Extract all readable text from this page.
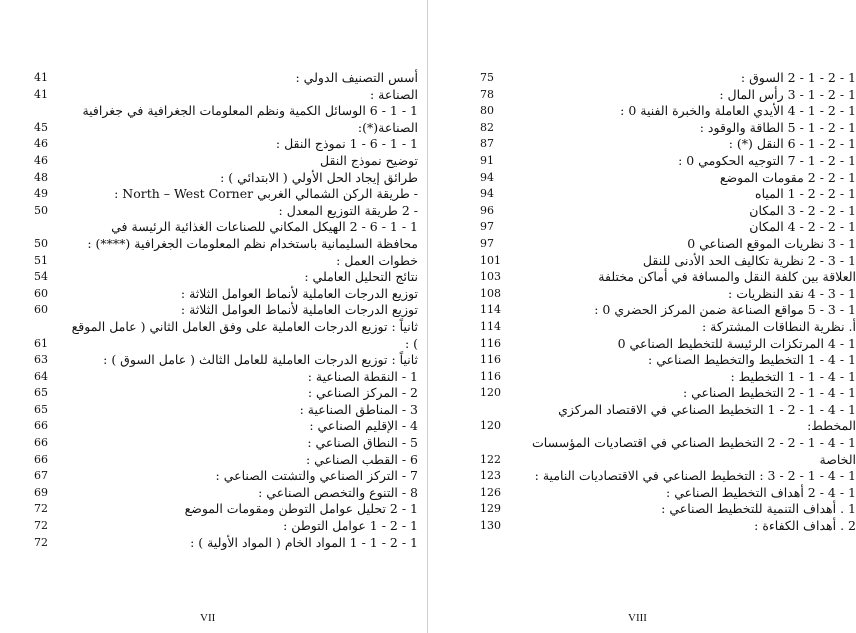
أسس التصنيف الدولي :
41
الصناعة :
41
1 - 1 - 6 الوسائل الكمية ونظم المعلومات الجغرافية في جغرافية الصناعة(*):
45
1 - 1 - 6 - 1 نموذج النقل :
46
توضيح نموذج النقل
46
طرائق إيجاد الحل الأولي ( الابتدائي ) :
48
- طريقة الركن الشمالي الغربي North – West Corner :
49
- 2 طريقة التوزيع المعدل :
50
1 - 1 - 6 - 2 الهيكل المكاني للصناعات الغذائية الرئيسة في محافظة السليمانية باستخدام نظم المعلومات الجغرافية (****) :
50
خطوات العمل :
51
نتائج التحليل العاملي :
54
توزيع الدرجات العاملية لأنماط العوامل الثلاثة :
60
توزيع الدرجات العاملية لأنماط العوامل الثلاثة :
60
ثانياً : توزيع الدرجات العاملية على وفق العامل الثاني ( عامل الموقع ) :
61
ثانياً : توزيع الدرجات العاملية للعامل الثالث ( عامل السوق ) :
63
1 - النقطة الصناعية :
64
2 - المركز الصناعي :
65
3 - المناطق الصناعية :
65
4 - الإقليم الصناعي :
66
5 - النطاق الصناعي :
66
6 - القطب الصناعي :
66
7 - التركز الصناعي والتشتت الصناعي :
67
8 - التنوع والتخصص الصناعي :
69
1 - 2 تحليل عوامل التوطن ومقومات الموضع
72
1 - 2 - 1 عوامل التوطن :
72
1 - 2 - 1 - 1 المواد الخام ( المواد الأولية ) :
72
VII
1 - 2 - 1 - 2 السوق :
75
1 - 2 - 1 - 3 رأس المال :
78
1 - 2 - 1 - 4 الأيدي العاملة والخبرة الفنية 0 :
80
1 - 2 - 1 - 5 الطاقة والوقود :
82
1 - 2 - 1 - 6 النقل (*) :
87
1 - 2 - 1 - 7 التوجيه الحكومي 0 :
91
1 - 2 - 2 مقومات الموضع
94
1 - 2 - 2 - 1 المياه
94
1 - 2 - 2 - 3 المكان
96
1 - 2 - 2 - 4 المكان
97
1 - 3 نظريات الموقع الصناعي 0
97
1 - 3 - 2 نظرية تكاليف الحد الأدنى للنقل
101
العلاقة بين كلفة النقل والمسافة في أماكن مختلفة
103
1 - 3 - 4 نقد النظريات :
108
1 - 3 - 5 مواقع الصناعة ضمن المركز الحضري 0 :
114
أ. نظرية النطاقات المشتركة :
114
1 - 4 المرتكزات الرئيسة للتخطيط الصناعي 0
116
1 - 4 - 1 التخطيط والتخطيط الصناعي :
116
1 - 4 - 1 - 1 التخطيط :
116
1 - 4 - 1 - 2 التخطيط الصناعي :
120
1 - 4 - 1 - 2 - 1 التخطيط الصناعي في الاقتصاد المركزي المخطط:
120
1 - 4 - 1 - 2 - 2 التخطيط الصناعي في اقتصاديات المؤسسات الخاصة
122
1 - 4 - 1 - 2 - 3 : التخطيط الصناعي في الاقتصاديات النامية :
123
1 - 4 - 2 أهداف التخطيط الصناعي :
126
1 . أهداف التنمية للتخطيط الصناعي :
129
2 . أهداف الكفاءة :
130
VIII
